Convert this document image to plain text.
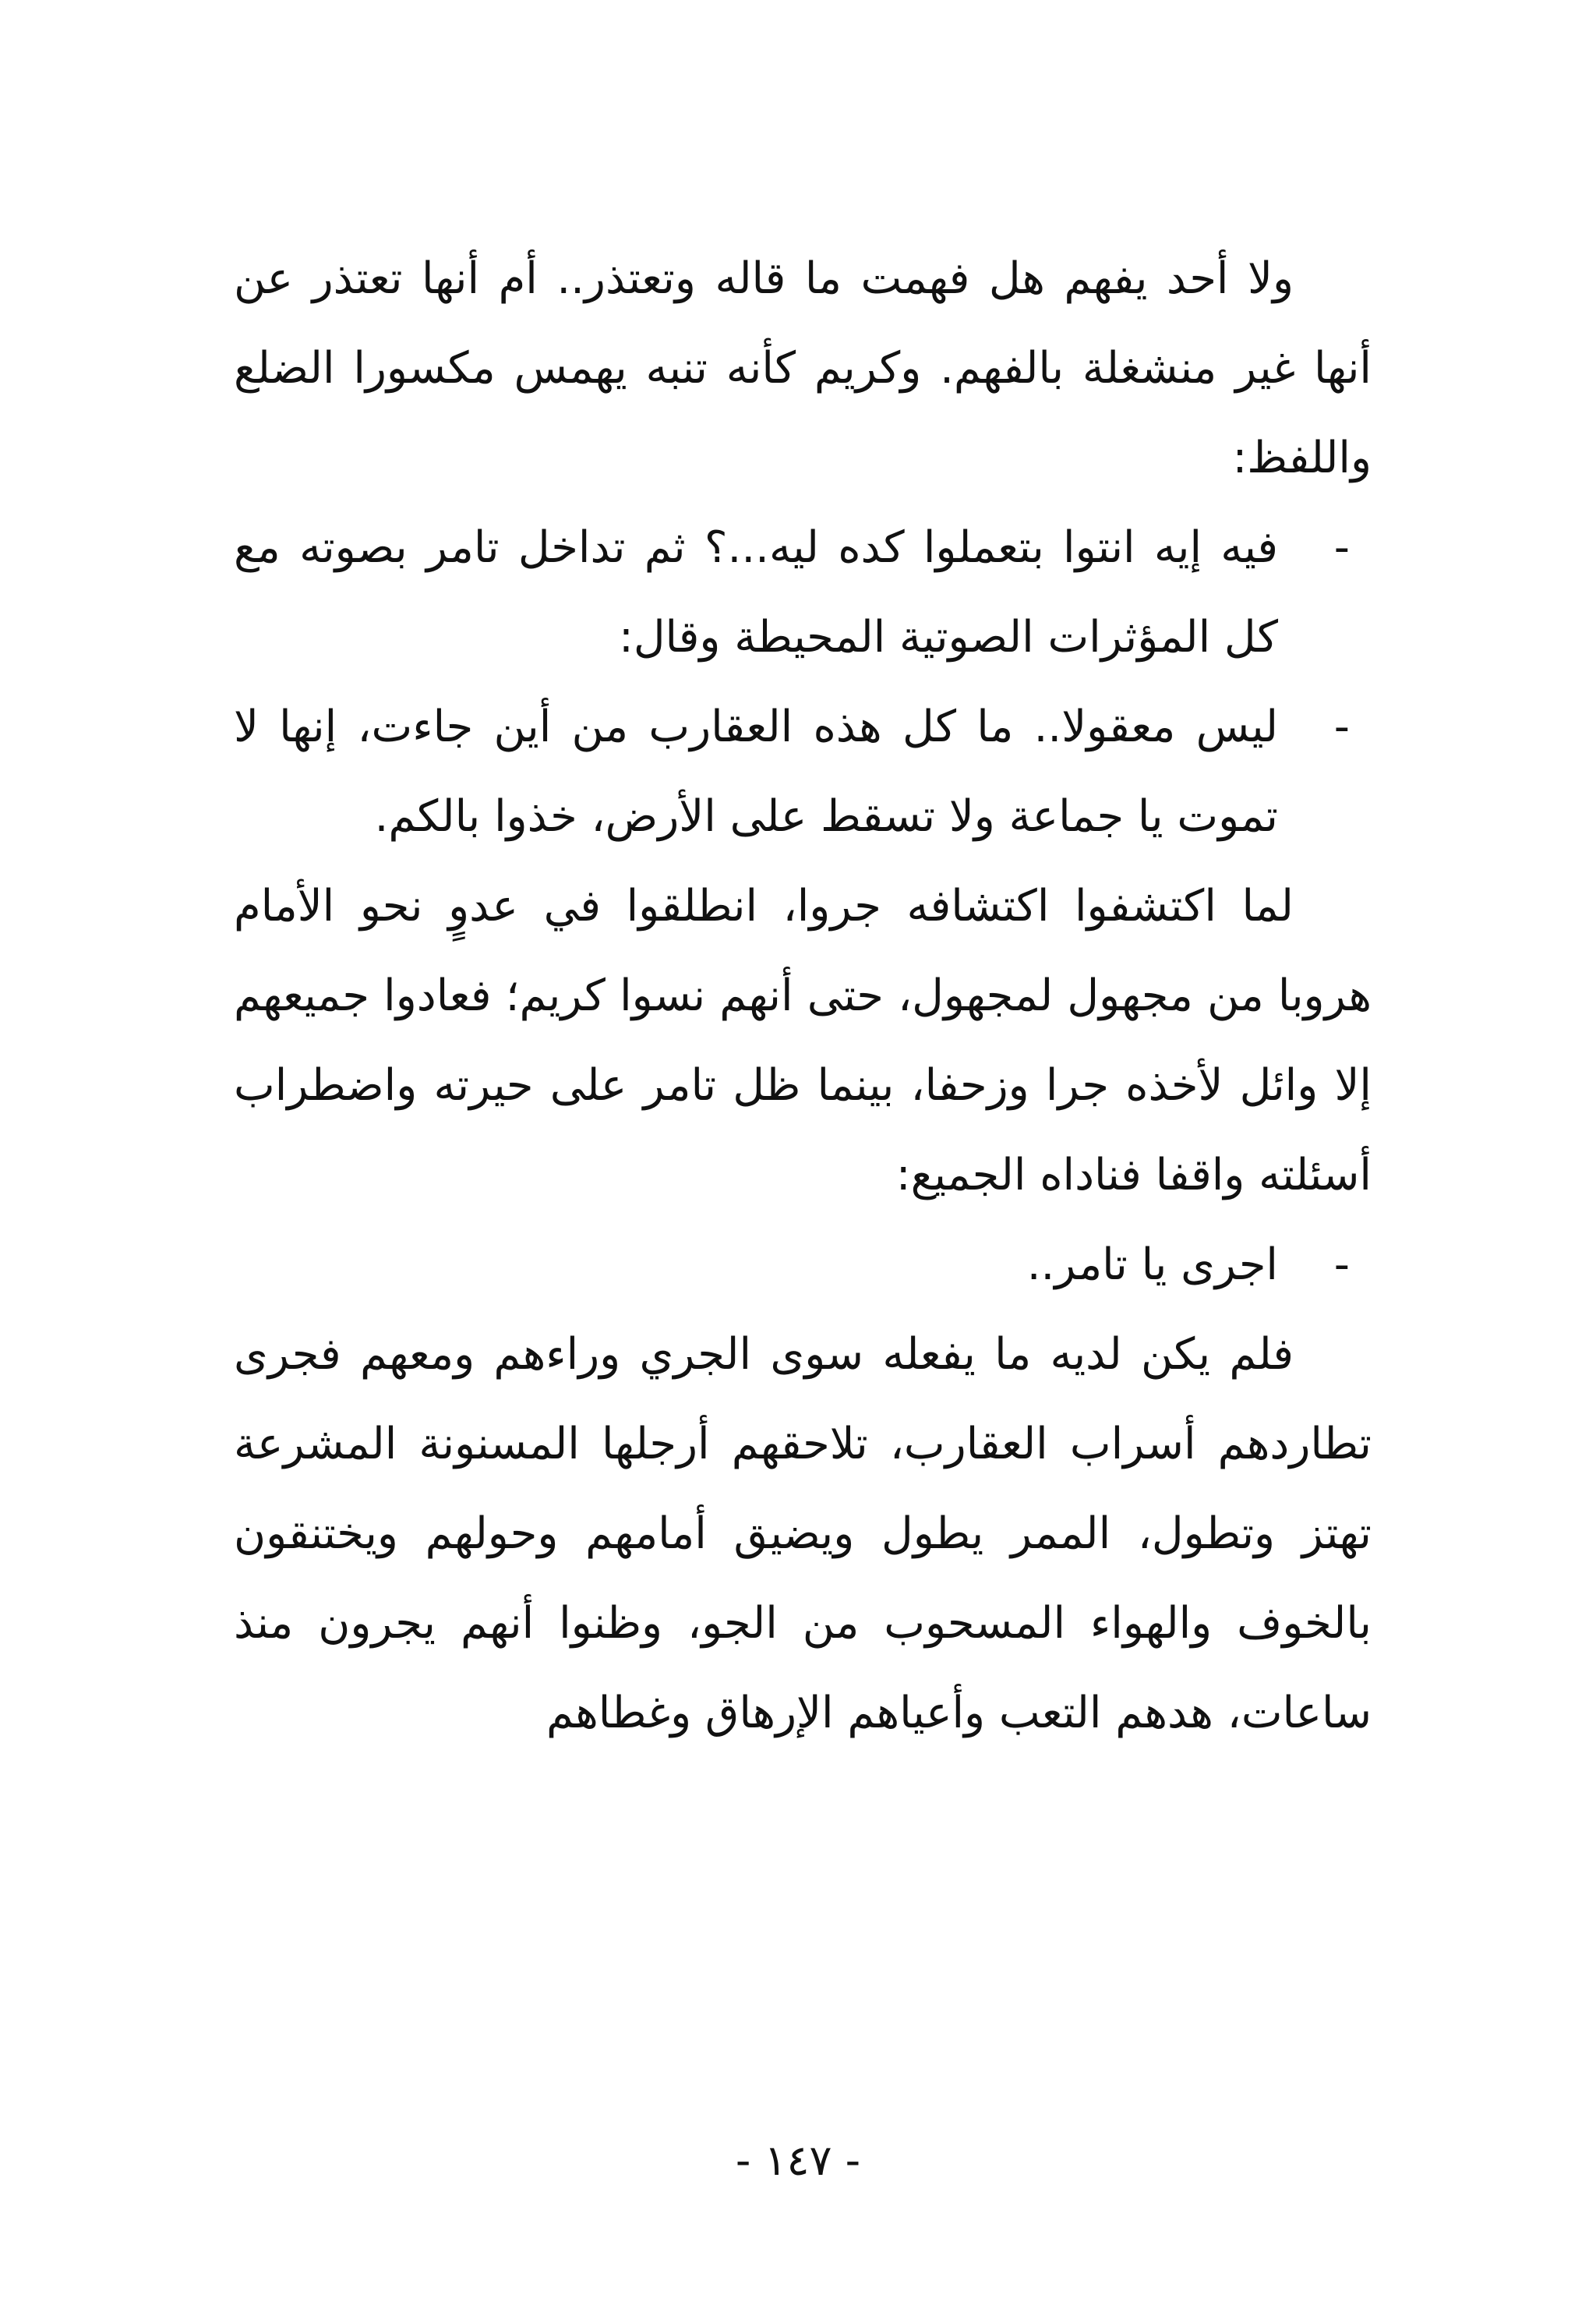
ولا أحد يفهم هل فهمت ما قاله وتعتذر.. أم أنها تعتذر عن أنها غير منشغلة بالفهم. وكريم كأنه تنبه يهمس مكسورا الضلع واللفظ:

-
فيه إيه انتوا بتعملوا كده ليه...؟ ثم تداخل تامر بصوته مع كل المؤثرات الصوتية المحيطة وقال:
-
ليس معقولا.. ما كل هذه العقارب من أين جاءت، إنها لا تموت يا جماعة ولا تسقط على الأرض، خذوا بالكم.

لما اكتشفوا اكتشافه جروا، انطلقوا في عدوٍ نحو الأمام هروبا من مجهول لمجهول، حتى أنهم نسوا كريم؛ فعادوا جميعهم إلا وائل لأخذه جرا وزحفا، بينما ظل تامر على حيرته واضطراب أسئلته واقفا فناداه الجميع:

-
اجرى يا تامر..

فلم يكن لديه ما يفعله سوى الجري وراءهم ومعهم فجرى تطاردهم أسراب العقارب، تلاحقهم أرجلها المسنونة المشرعة تهتز وتطول، الممر يطول ويضيق أمامهم وحولهم ويختنقون بالخوف والهواء المسحوب من الجو، وظنوا أنهم يجرون منذ ساعات، هدهم التعب وأعياهم الإرهاق وغطاهم

- ١٤٧ -
